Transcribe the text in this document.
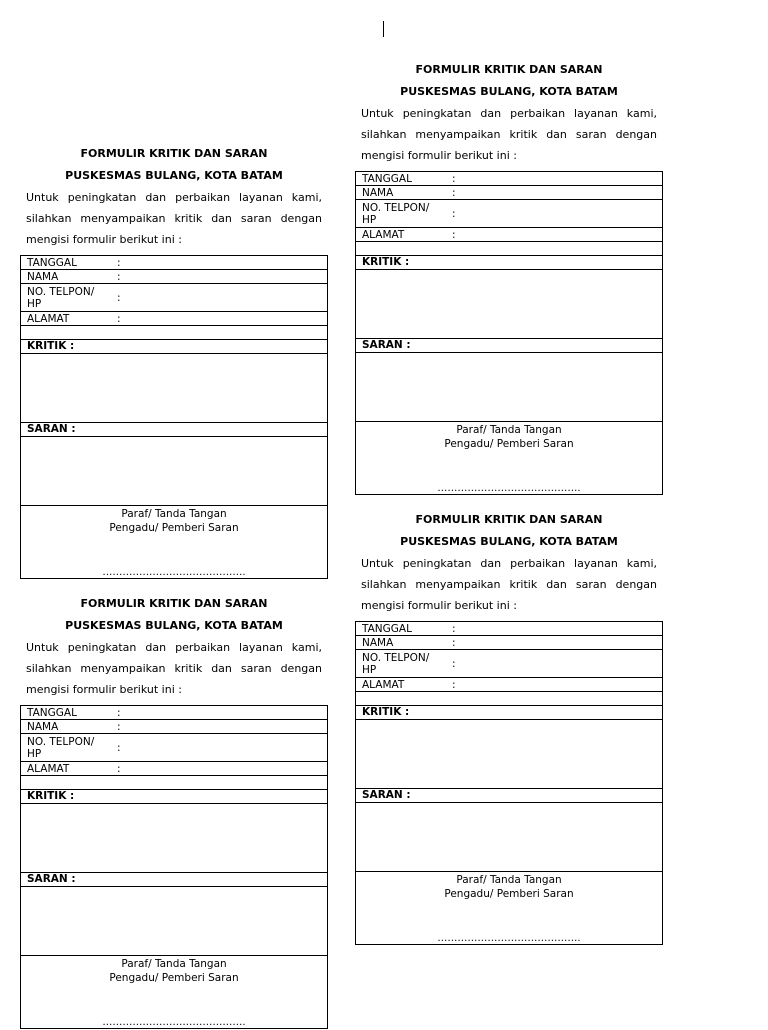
FORMULIR KRITIK DAN SARAN
PUSKESMAS BULANG, KOTA BATAM

Untuk peningkatan dan perbaikan layanan kami, silahkan menyampaikan kritik dan saran dengan mengisi formulir berikut ini :

TANGGAL	:
NAMA	:
NO. TELPON/
HP	:
ALAMAT	:
KRITIK :
SARAN :
Paraf/ Tanda Tangan
Pengadu/ Pemberi Saran
…………………………………….
FORMULIR KRITIK DAN SARAN
PUSKESMAS BULANG, KOTA BATAM

Untuk peningkatan dan perbaikan layanan kami, silahkan menyampaikan kritik dan saran dengan mengisi formulir berikut ini :

TANGGAL	:
NAMA	:
NO. TELPON/
HP	:
ALAMAT	:
KRITIK :
SARAN :
Paraf/ Tanda Tangan
Pengadu/ Pemberi Saran
…………………………………….
FORMULIR KRITIK DAN SARAN
PUSKESMAS BULANG, KOTA BATAM

Untuk peningkatan dan perbaikan layanan kami, silahkan menyampaikan kritik dan saran dengan mengisi formulir berikut ini :

TANGGAL	:
NAMA	:
NO. TELPON/
HP	:
ALAMAT	:
KRITIK :
SARAN :
Paraf/ Tanda Tangan
Pengadu/ Pemberi Saran
…………………………………….
FORMULIR KRITIK DAN SARAN
PUSKESMAS BULANG, KOTA BATAM

Untuk peningkatan dan perbaikan layanan kami, silahkan menyampaikan kritik dan saran dengan mengisi formulir berikut ini :

TANGGAL	:
NAMA	:
NO. TELPON/
HP	:
ALAMAT	:
KRITIK :
SARAN :
Paraf/ Tanda Tangan
Pengadu/ Pemberi Saran
…………………………………….
